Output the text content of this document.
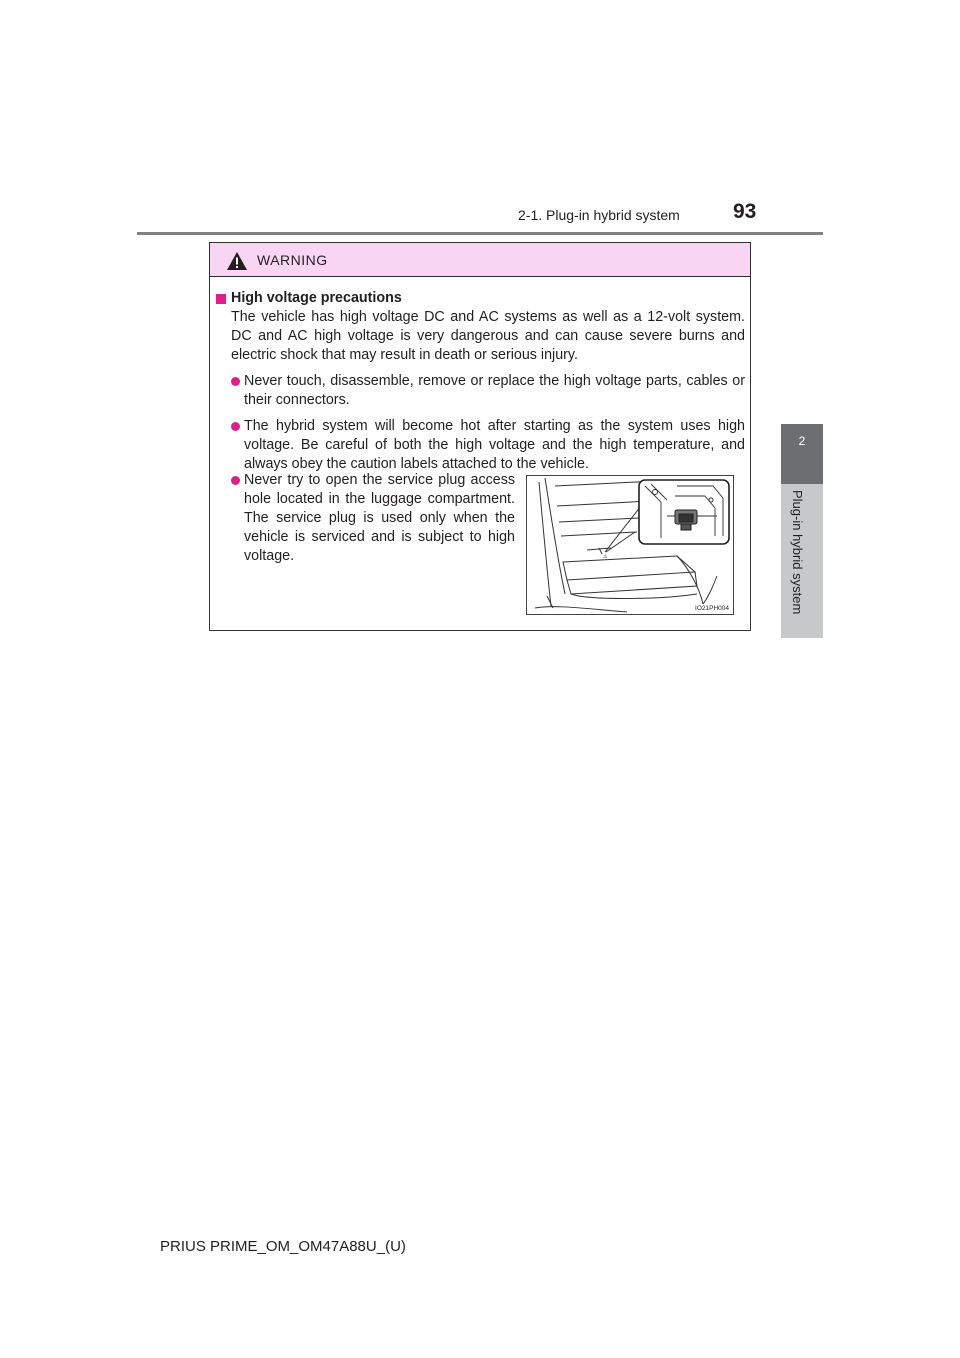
2-1. Plug-in hybrid system	93
2
Plug-in hybrid system
WARNING
High voltage precautions
The vehicle has high voltage DC and AC systems as well as a 12-volt system. DC and AC high voltage is very dangerous and can cause severe burns and electric shock that may result in death or serious injury.
Never touch, disassemble, remove or replace the high voltage parts, cables or their connectors.
The hybrid system will become hot after starting as the system uses high voltage. Be careful of both the high voltage and the high temperature, and always obey the caution labels attached to the vehicle.
Never try to open the service plug access hole located in the luggage compartment. The service plug is used only when the vehicle is serviced and is subject to high voltage.	⚠
IO21PH004
PRIUS PRIME_OM_OM47A88U_(U)
